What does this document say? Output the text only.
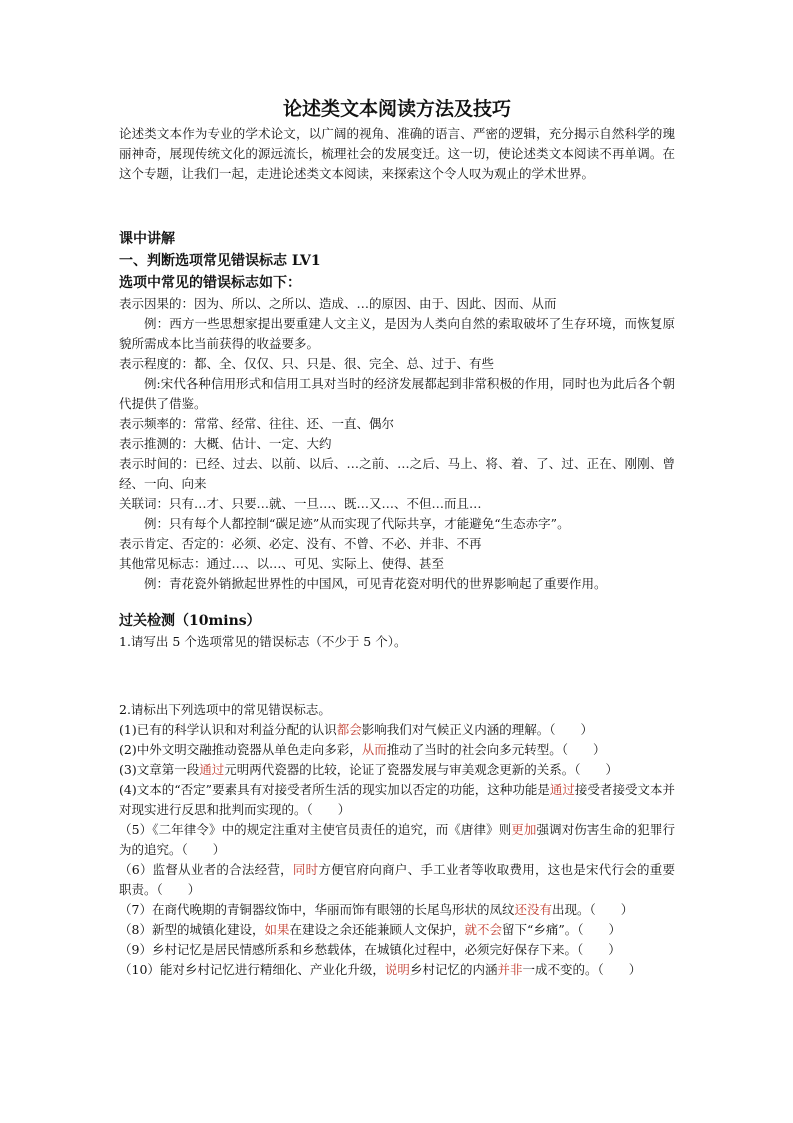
论述类文本阅读方法及技巧

论述类文本作为专业的学术论文，以广阔的视角、准确的语言、严密的逻辑，充分揭示自然科学的瑰丽神奇，展现传统文化的源远流长，梳理社会的发展变迁。这一切，使论述类文本阅读不再单调。在这个专题，让我们一起，走进论述类文本阅读，来探索这个令人叹为观止的学术世界。

课中讲解
一、判断选项常见错误标志 LV1
选项中常见的错误标志如下：

表示因果的：因为、所以、之所以、造成、…的原因、由于、因此、因而、从而

例：西方一些思想家提出要重建人文主义，是因为人类向自然的索取破坏了生存环境，而恢复原貌所需成本比当前获得的收益要多。

表示程度的：都、全、仅仅、只、只是、很、完全、总、过于、有些

例:宋代各种信用形式和信用工具对当时的经济发展都起到非常积极的作用，同时也为此后各个朝代提供了借鉴。

表示频率的：常常、经常、往往、还、一直、偶尔

表示推测的：大概、估计、一定、大约

表示时间的：已经、过去、以前、以后、…之前、…之后、马上、将、着、了、过、正在、刚刚、曾经、一向、向来

关联词：只有…才、只要…就、一旦…、既…又…、不但…而且…

例：只有每个人都控制“碳足迹”从而实现了代际共享，才能避免“生态赤字”。

表示肯定、否定的：必须、必定、没有、不曾、不必、并非、不再

其他常见标志：通过…、以…、可见、实际上、使得、甚至

例：青花瓷外销掀起世界性的中国风，可见青花瓷对明代的世界影响起了重要作用。

过关检测（10mins）

1.请写出 5 个选项常见的错误标志（不少于 5 个）。

2.请标出下列选项中的常见错误标志。

(1)已有的科学认识和对利益分配的认识都会影响我们对气候正义内涵的理解。（　　）

(2)中外文明交融推动瓷器从单色走向多彩，从而推动了当时的社会向多元转型。（　　）

(3)文章第一段通过元明两代瓷器的比较，论证了瓷器发展与审美观念更新的关系。（　　）

(4)文本的“否定”要素具有对接受者所生活的现实加以否定的功能，这种功能是通过接受者接受文本并对现实进行反思和批判而实现的。（　　）

（5）《二年律令》中的规定注重对主使官员责任的追究，而《唐律》则更加强调对伤害生命的犯罪行为的追究。（　　）

（6）监督从业者的合法经营，同时方便官府向商户、手工业者等收取费用，这也是宋代行会的重要职责。（　　）

（7）在商代晚期的青铜器纹饰中，华丽而饰有眼翎的长尾鸟形状的凤纹还没有出现。（　　）

（8）新型的城镇化建设，如果在建设之余还能兼顾人文保护，就不会留下“乡痛”。（　　）

（9）乡村记忆是居民情感所系和乡愁载体，在城镇化过程中，必须完好保存下来。（　　）

（10）能对乡村记忆进行精细化、产业化升级，说明乡村记忆的内涵并非一成不变的。（　　）
